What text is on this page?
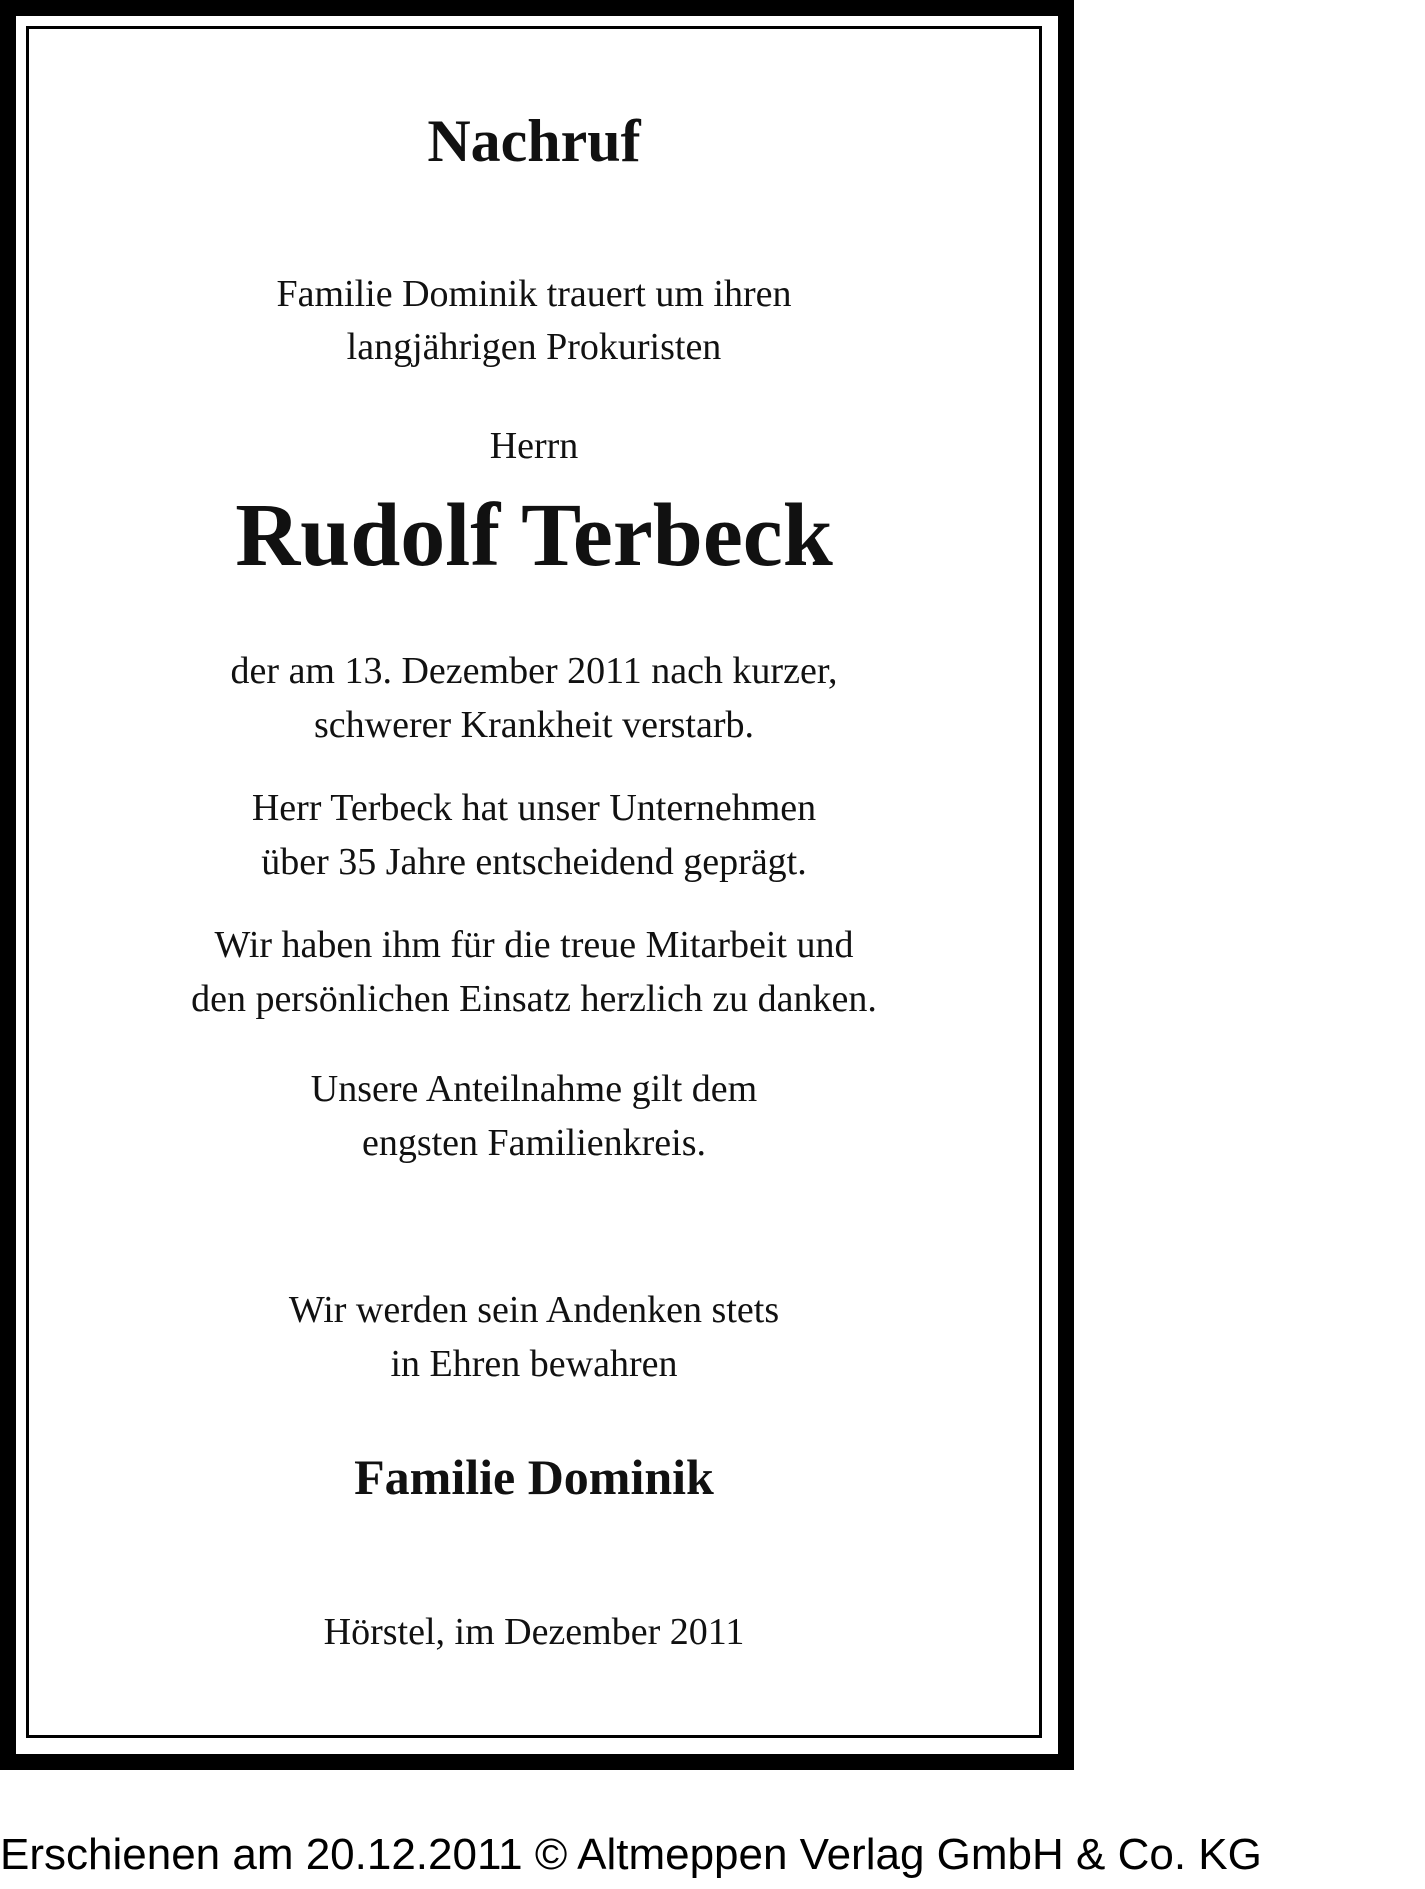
Nachruf
Familie Dominik trauert um ihren
langjährigen Prokuristen
Herrn
Rudolf Terbeck
der am 13. Dezember 2011 nach kurzer,
schwerer Krankheit verstarb.
Herr Terbeck hat unser Unternehmen
über 35 Jahre entscheidend geprägt.
Wir haben ihm für die treue Mitarbeit und
den persönlichen Einsatz herzlich zu danken.
Unsere Anteilnahme gilt dem
engsten Familienkreis.
Wir werden sein Andenken stets
in Ehren bewahren
Familie Dominik
Hörstel, im Dezember 2011
Erschienen am 20.12.2011 © Altmeppen Verlag GmbH & Co. KG
